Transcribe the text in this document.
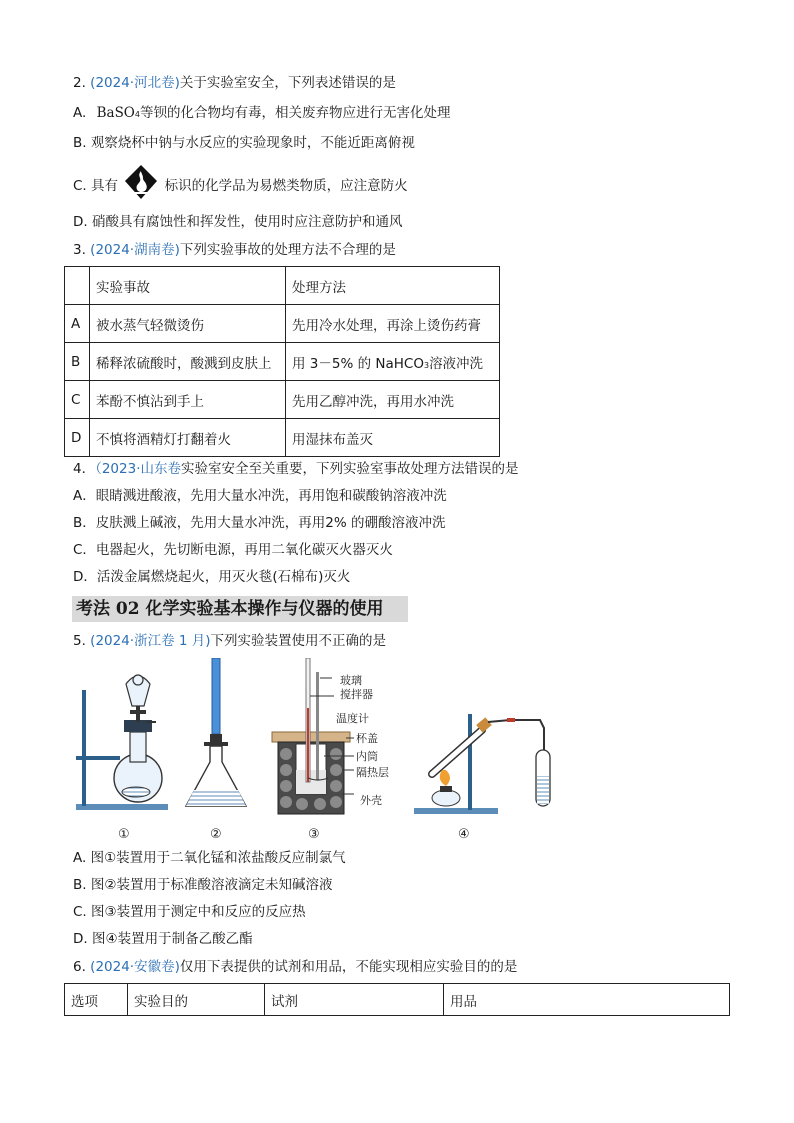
2. (2024·河北卷)关于实验室安全，下列表述错误的是
A. BaSO4等钡的化合物均有毒，相关废弃物应进行无害化处理
B. 观察烧杯中钠与水反应的实验现象时，不能近距离俯视
C. 具有	标识的化学品为易燃类物质，应注意防火
D. 硝酸具有腐蚀性和挥发性，使用时应注意防护和通风
3. (2024·湖南卷)下列实验事故的处理方法不合理的是
	实验事故	处理方法
A	被水蒸气轻微烫伤	先用冷水处理，再涂上烫伤药膏
B	稀释浓硫酸时，酸溅到皮肤上	用 3－5% 的 NaHCO3溶液冲洗
C	苯酚不慎沾到手上	先用乙醇冲洗，再用水冲洗
D	不慎将酒精灯打翻着火	用湿抹布盖灭
4．（2023·山东卷实验室安全至关重要，下列实验室事故处理方法错误的是
A．眼睛溅进酸液，先用大量水冲洗，再用饱和碳酸钠溶液冲洗
B．皮肤溅上碱液，先用大量水冲洗，再用2% 的硼酸溶液冲洗
C．电器起火，先切断电源，再用二氧化碳灭火器灭火
D．活泼金属燃烧起火，用灭火毯(石棉布)灭火
考法 02 化学实验基本操作与仪器的使用
5. (2024·浙江卷 1 月)下列实验装置使用不正确的是
玻璃
搅拌器
温度计
杯盖
内筒
隔热层
外壳
①	②	③	④
A. 图①装置用于二氧化锰和浓盐酸反应制氯气
B. 图②装置用于标准酸溶液滴定未知碱溶液
C. 图③装置用于测定中和反应的反应热
D. 图④装置用于制备乙酸乙酯
6. (2024·安徽卷)仅用下表提供的试剂和用品，不能实现相应实验目的的是
选项	实验目的	试剂	用品
